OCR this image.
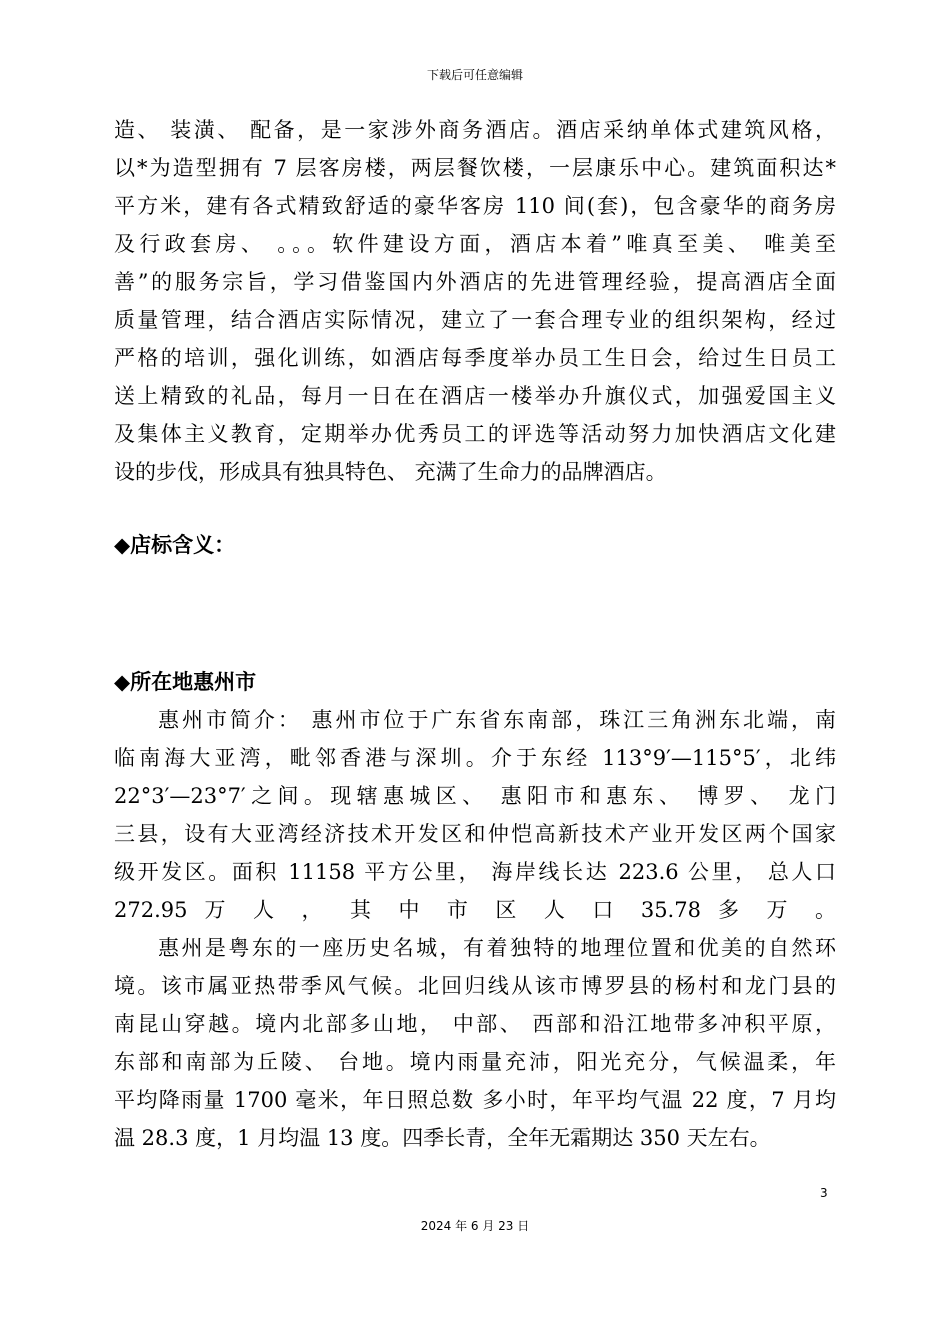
下载后可任意编辑
造、 装潢、 配备，是一家涉外商务酒店。酒店采纳单体式建筑风格，
以*为造型拥有 7 层客房楼，两层餐饮楼，一层康乐中心。建筑面积达*
平方米，建有各式精致舒适的豪华客房 110 间(套)，包含豪华的商务房
及行政套房、 。。。软件建设方面，酒店本着”唯真至美、 唯美至
善”的服务宗旨，学习借鉴国内外酒店的先进管理经验，提高酒店全面
质量管理，结合酒店实际情况，建立了一套合理专业的组织架构，经过
严格的培训，强化训练，如酒店每季度举办员工生日会，给过生日员工
送上精致的礼品，每月一日在在酒店一楼举办升旗仪式，加强爱国主义
及集体主义教育，定期举办优秀员工的评选等活动努力加快酒店文化建
设的步伐，形成具有独具特色、 充满了生命力的品牌酒店。
◆店标含义：
◆所在地惠州市
惠州市简介： 惠州市位于广东省东南部，珠江三角洲东北端，南
临南海大亚湾，毗邻香港与深圳。介于东经 113°9′—115°5′，北纬
22°3′—23°7′之间。现辖惠城区、 惠阳市和惠东、 博罗、 龙门
三县，设有大亚湾经济技术开发区和仲恺高新技术产业开发区两个国家
级开发区。面积 11158 平方公里， 海岸线长达 223.6 公里， 总人口
272.95 万 人 ， 其 中 市 区 人 口 35.78 多 万 。
惠州是粤东的一座历史名城，有着独特的地理位置和优美的自然环
境。该市属亚热带季风气候。北回归线从该市博罗县的杨村和龙门县的
南昆山穿越。境内北部多山地， 中部、 西部和沿江地带多冲积平原，
东部和南部为丘陵、 台地。境内雨量充沛，阳光充分，气候温柔，年
平均降雨量 1700 毫米，年日照总数 多小时，年平均气温 22 度，7 月均
温 28.3 度，1 月均温 13 度。四季长青，全年无霜期达 350 天左右。
3
2024 年 6 月 23 日
